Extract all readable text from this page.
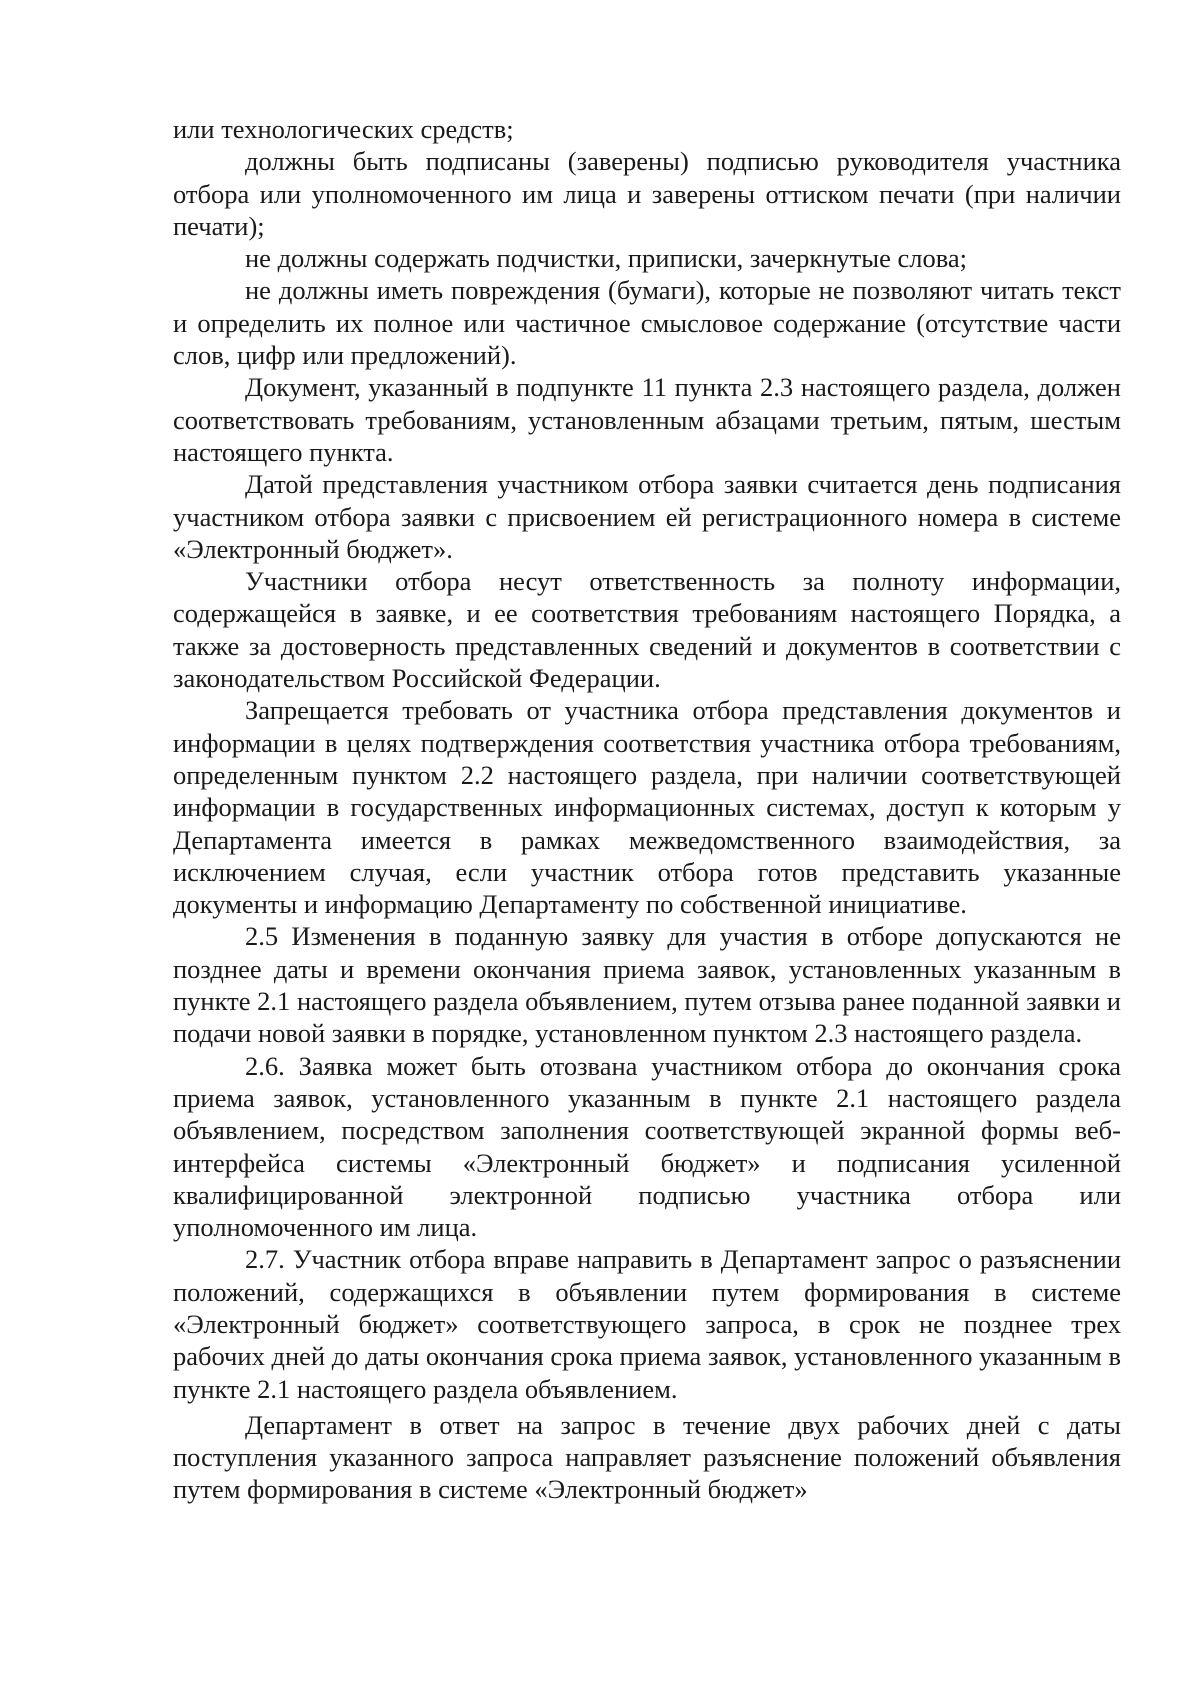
или технологических средств;

должны быть подписаны (заверены) подписью руководителя участника отбора или уполномоченного им лица и заверены оттиском печати (при наличии печати);

не должны содержать подчистки, приписки, зачеркнутые слова;

не должны иметь повреждения (бумаги), которые не позволяют читать текст и определить их полное или частичное смысловое содержание (отсутствие части слов, цифр или предложений).

Документ, указанный в подпункте 11 пункта 2.3 настоящего раздела, должен соответствовать требованиям, установленным абзацами третьим, пятым, шестым настоящего пункта.

Датой представления участником отбора заявки считается день подписания участником отбора заявки с присвоением ей регистрационного номера в системе «Электронный бюджет».

Участники отбора несут ответственность за полноту информации, содержащейся в заявке, и ее соответствия требованиям настоящего Порядка, а также за достоверность представленных сведений и документов в соответствии с законодательством Российской Федерации.

Запрещается требовать от участника отбора представления документов и информации в целях подтверждения соответствия участника отбора требованиям, определенным пунктом 2.2 настоящего раздела, при наличии соответствующей информации в государственных информационных системах, доступ к которым у Департамента имеется в рамках межведомственного взаимодействия, за исключением случая, если участник отбора готов представить указанные документы и информацию Департаменту по собственной инициативе.

2.5 Изменения в поданную заявку для участия в отборе допускаются не позднее даты и времени окончания приема заявок, установленных указанным в пункте 2.1 настоящего раздела объявлением, путем отзыва ранее поданной заявки и подачи новой заявки в порядке, установленном пунктом 2.3 настоящего раздела.

2.6. Заявка может быть отозвана участником отбора до окончания срока приема заявок, установленного указанным в пункте 2.1 настоящего раздела объявлением, посредством заполнения соответствующей экранной формы веб-интерфейса системы «Электронный бюджет» и подписания усиленной квалифицированной электронной подписью участника отбора или уполномоченного им лица.

2.7. Участник отбора вправе направить в Департамент запрос о разъяснении положений, содержащихся в объявлении путем формирования в системе «Электронный бюджет» соответствующего запроса, в срок не позднее трех рабочих дней до даты окончания срока приема заявок, установленного указанным в пункте 2.1 настоящего раздела объявлением.

Департамент в ответ на запрос в течение двух рабочих дней с даты поступления указанного запроса направляет разъяснение положений объявления путем формирования в системе «Электронный бюджет»
